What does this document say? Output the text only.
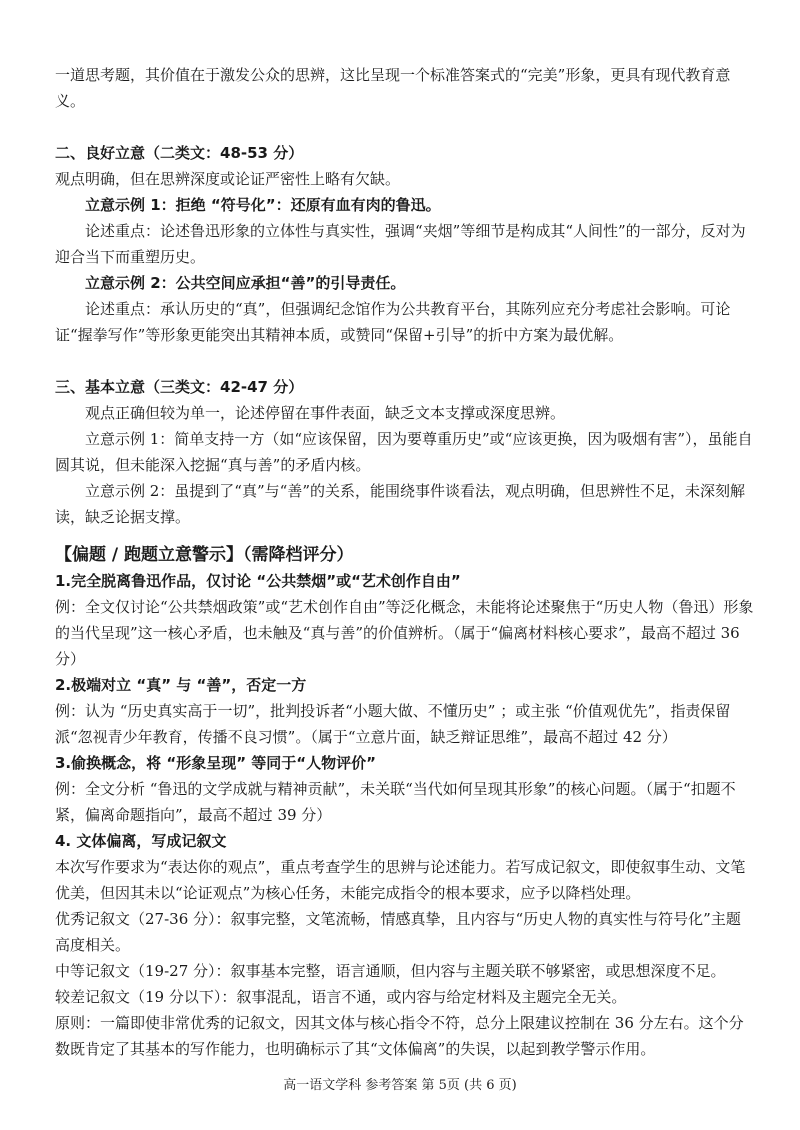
一道思考题，其价值在于激发公众的思辨，这比呈现一个标准答案式的“完美”形象，更具有现代教育意义。

二、良好立意（二类文：48-53 分）

观点明确，但在思辨深度或论证严密性上略有欠缺。

立意示例 1：拒绝 “符号化”：还原有血有肉的鲁迅。

论述重点：论述鲁迅形象的立体性与真实性，强调“夹烟”等细节是构成其“人间性”的一部分，反对为迎合当下而重塑历史。

立意示例 2：公共空间应承担“善”的引导责任。

论述重点：承认历史的“真”，但强调纪念馆作为公共教育平台，其陈列应充分考虑社会影响。可论证“握拳写作”等形象更能突出其精神本质，或赞同“保留+引导”的折中方案为最优解。

三、基本立意（三类文：42-47 分）

观点正确但较为单一，论述停留在事件表面，缺乏文本支撑或深度思辨。

立意示例 1：简单支持一方（如“应该保留，因为要尊重历史”或“应该更换，因为吸烟有害”），虽能自圆其说，但未能深入挖掘“真与善”的矛盾内核。

立意示例 2：虽提到了“真”与“善”的关系，能围绕事件谈看法，观点明确，但思辨性不足，未深刻解读，缺乏论据支撑。

【偏题 / 跑题立意警示】（需降档评分）

1.完全脱离鲁迅作品，仅讨论 “公共禁烟”或“艺术创作自由”

例：全文仅讨论“公共禁烟政策”或“艺术创作自由”等泛化概念，未能将论述聚焦于“历史人物（鲁迅）形象的当代呈现”这一核心矛盾，也未触及“真与善”的价值辨析。（属于“偏离材料核心要求”，最高不超过 36 分）

2.极端对立 “真” 与 “善”，否定一方

例：认为 “历史真实高于一切”，批判投诉者“小题大做、不懂历史” ；或主张 “价值观优先”，指责保留派“忽视青少年教育，传播不良习惯”。（属于“立意片面，缺乏辩证思维”，最高不超过 42 分）

3.偷换概念，将 “形象呈现” 等同于“人物评价”

例：全文分析 “鲁迅的文学成就与精神贡献”，未关联“当代如何呈现其形象”的核心问题。（属于“扣题不紧，偏离命题指向”，最高不超过 39 分）

4. 文体偏离，写成记叙文

本次写作要求为“表达你的观点”，重点考查学生的思辨与论述能力。若写成记叙文，即使叙事生动、文笔优美，但因其未以“论证观点”为核心任务，未能完成指令的根本要求，应予以降档处理。

优秀记叙文（27-36 分）：叙事完整，文笔流畅，情感真挚，且内容与“历史人物的真实性与符号化”主题高度相关。

中等记叙文（19-27 分）：叙事基本完整，语言通顺，但内容与主题关联不够紧密，或思想深度不足。

较差记叙文（19 分以下）：叙事混乱，语言不通，或内容与给定材料及主题完全无关。

原则：一篇即使非常优秀的记叙文，因其文体与核心指令不符，总分上限建议控制在 36 分左右。这个分数既肯定了其基本的写作能力，也明确标示了其“文体偏离”的失误，以起到教学警示作用。

高一语文学科 参考答案 第 5页 (共 6 页)
